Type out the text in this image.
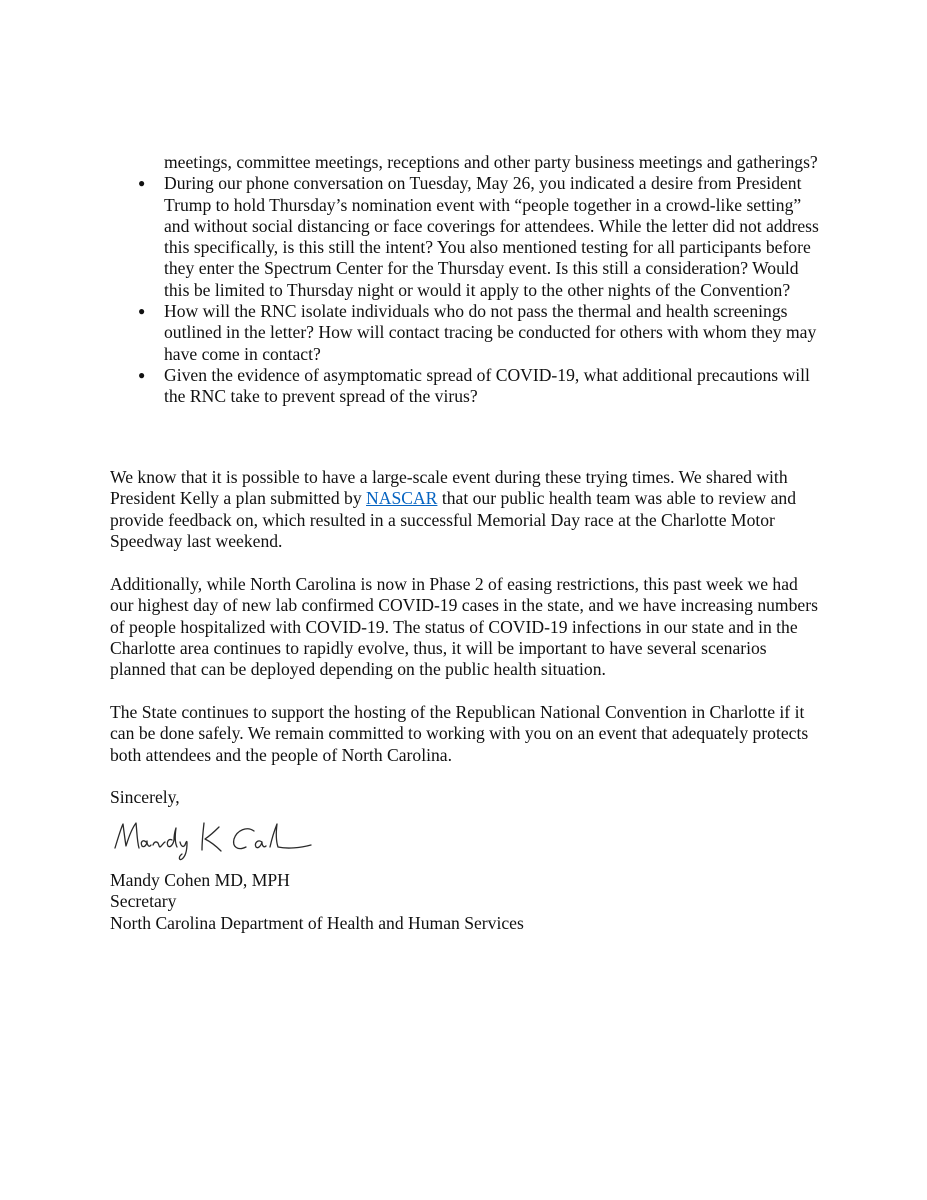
meetings, committee meetings, receptions and other party business meetings and gatherings?
●	During our phone conversation on Tuesday, May 26, you indicated a desire from President Trump to hold Thursday’s nomination event with “people together in a crowd-like setting” and without social distancing or face coverings for attendees. While the letter did not address this specifically, is this still the intent? You also mentioned testing for all participants before they enter the Spectrum Center for the Thursday event. Is this still a consideration? Would this be limited to Thursday night or would it apply to the other nights of the Convention?
●	How will the RNC isolate individuals who do not pass the thermal and health screenings outlined in the letter? How will contact tracing be conducted for others with whom they may have come in contact?
●	Given the evidence of asymptomatic spread of COVID-19, what additional precautions will the RNC take to prevent spread of the virus?

We know that it is possible to have a large-scale event during these trying times. We shared with President Kelly a plan submitted by NASCAR that our public health team was able to review and provide feedback on, which resulted in a successful Memorial Day race at the Charlotte Motor Speedway last weekend.

Additionally, while North Carolina is now in Phase 2 of easing restrictions, this past week we had our highest day of new lab confirmed COVID-19 cases in the state, and we have increasing numbers of people hospitalized with COVID-19. The status of COVID-19 infections in our state and in the Charlotte area continues to rapidly evolve, thus, it will be important to have several scenarios planned that can be deployed depending on the public health situation.

The State continues to support the hosting of the Republican National Convention in Charlotte if it can be done safely. We remain committed to working with you on an event that adequately protects both attendees and the people of North Carolina.

Sincerely,

Mandy Cohen MD, MPH
Secretary
North Carolina Department of Health and Human Services
